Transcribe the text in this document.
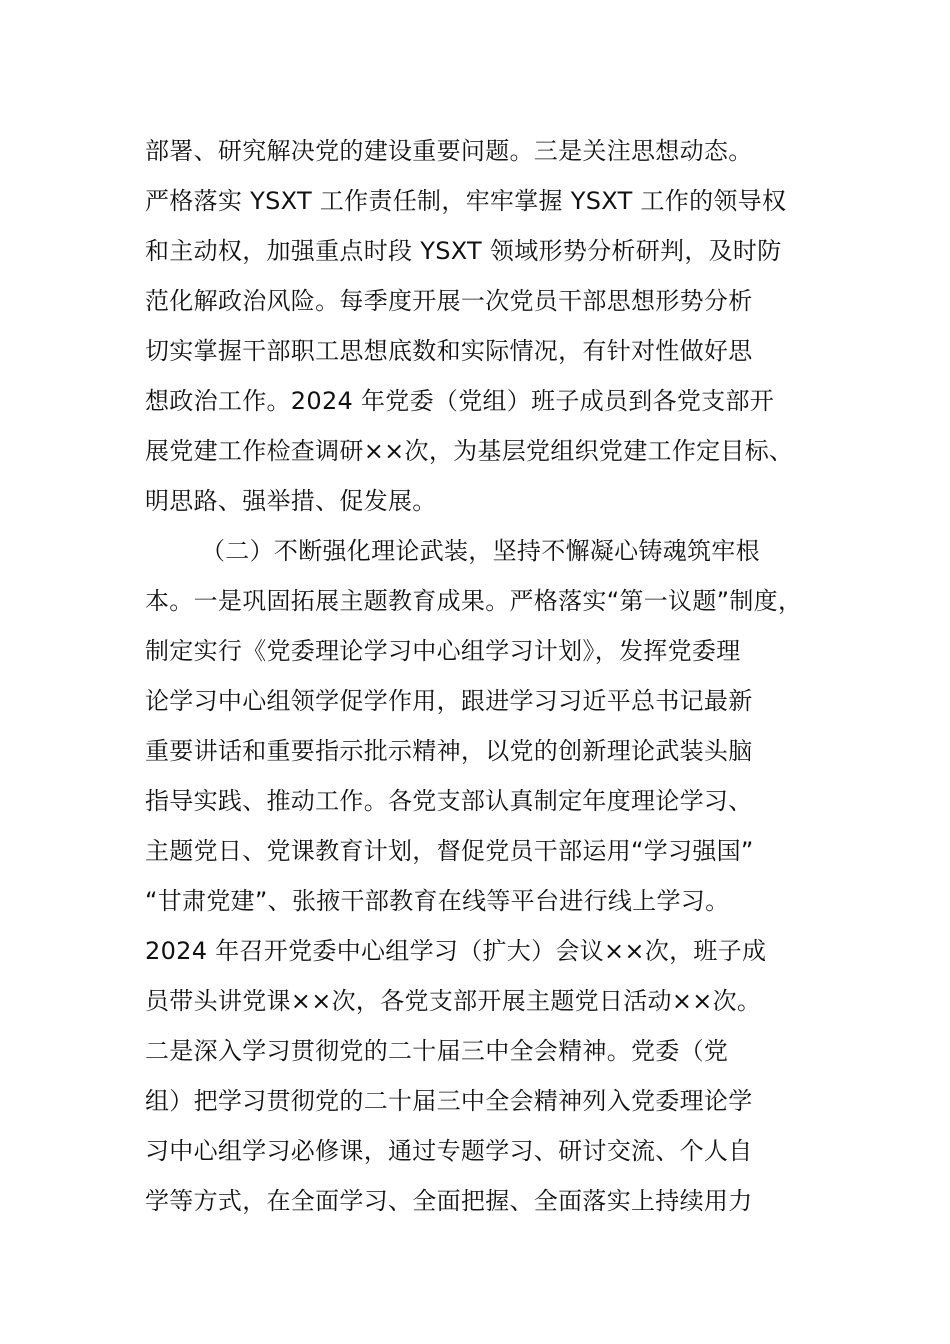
部署、研究解决党的建设重要问题。三是关注思想动态。
严格落实 YSXT 工作责任制，牢牢掌握 YSXT 工作的领导权
和主动权，加强重点时段 YSXT 领域形势分析研判，及时防
范化解政治风险。每季度开展一次党员干部思想形势分析
切实掌握干部职工思想底数和实际情况，有针对性做好思
想政治工作。2024 年党委（党组）班子成员到各党支部开
展党建工作检查调研××次，为基层党组织党建工作定目标、
明思路、强举措、促发展。
（二）不断强化理论武装，坚持不懈凝心铸魂筑牢根
本。一是巩固拓展主题教育成果。严格落实“第一议题”制度，
制定实行《党委理论学习中心组学习计划》，发挥党委理
论学习中心组领学促学作用，跟进学习习近平总书记最新
重要讲话和重要指示批示精神，以党的创新理论武装头脑
指导实践、推动工作。各党支部认真制定年度理论学习、
主题党日、党课教育计划，督促党员干部运用“学习强国”
“甘肃党建”、张掖干部教育在线等平台进行线上学习。
2024 年召开党委中心组学习（扩大）会议××次，班子成
员带头讲党课××次，各党支部开展主题党日活动××次。
二是深入学习贯彻党的二十届三中全会精神。党委（党
组）把学习贯彻党的二十届三中全会精神列入党委理论学
习中心组学习必修课，通过专题学习、研讨交流、个人自
学等方式，在全面学习、全面把握、全面落实上持续用力
